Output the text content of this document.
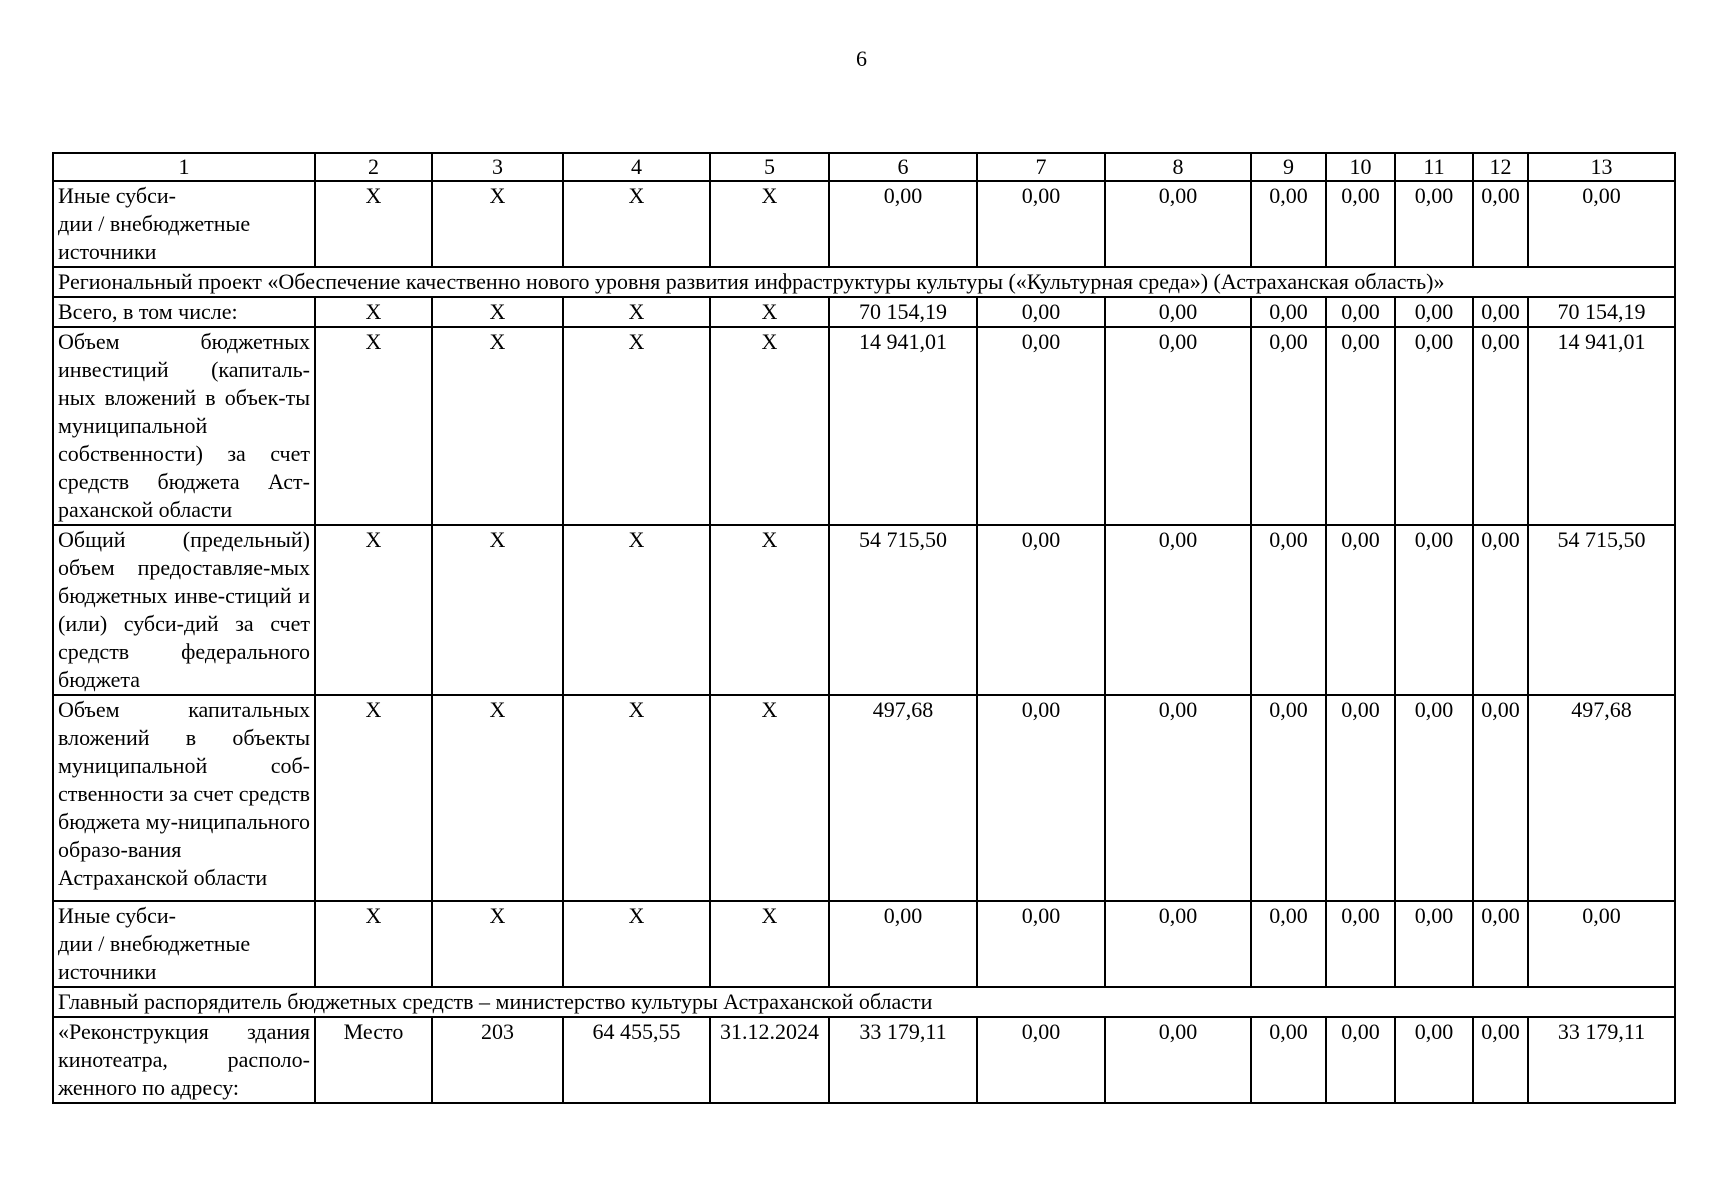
6
1	2	3	4	5	6	7	8	9	10	11	12	13
Иные субси-
дии / внебюджетные
источники	X	X	X	X	0,00	0,00	0,00	0,00	0,00	0,00	0,00	0,00
Региональный проект «Обеспечение качественно нового уровня развития инфраструктуры культуры («Культурная среда») (Астраханская область)»												
Всего, в том числе:	X	X	X	X	70 154,19	0,00	0,00	0,00	0,00	0,00	0,00	70 154,19
Объем бюджетных инвестиций (капиталь-ных вложений в объек-ты муниципальной собственности) за счет средств бюджета Аст-раханской области	X	X	X	X	14 941,01	0,00	0,00	0,00	0,00	0,00	0,00	14 941,01
Общий (предельный) объем предоставляе-мых бюджетных инве-стиций и (или) субси-дий за счет средств федерального бюджета	X	X	X	X	54 715,50	0,00	0,00	0,00	0,00	0,00	0,00	54 715,50
Объем капитальных вложений в объекты муниципальной соб-ственности за счет средств бюджета му-ниципального образо-вания Астраханской области	X	X	X	X	497,68	0,00	0,00	0,00	0,00	0,00	0,00	497,68
Иные субси-
дии / внебюджетные
источники	X	X	X	X	0,00	0,00	0,00	0,00	0,00	0,00	0,00	0,00
Главный распорядитель бюджетных средств – министерство культуры Астраханской области												
«Реконструкция здания кинотеатра, располо-женного по адресу:	Место	203	64 455,55	31.12.2024	33 179,11	0,00	0,00	0,00	0,00	0,00	0,00	33 179,11
